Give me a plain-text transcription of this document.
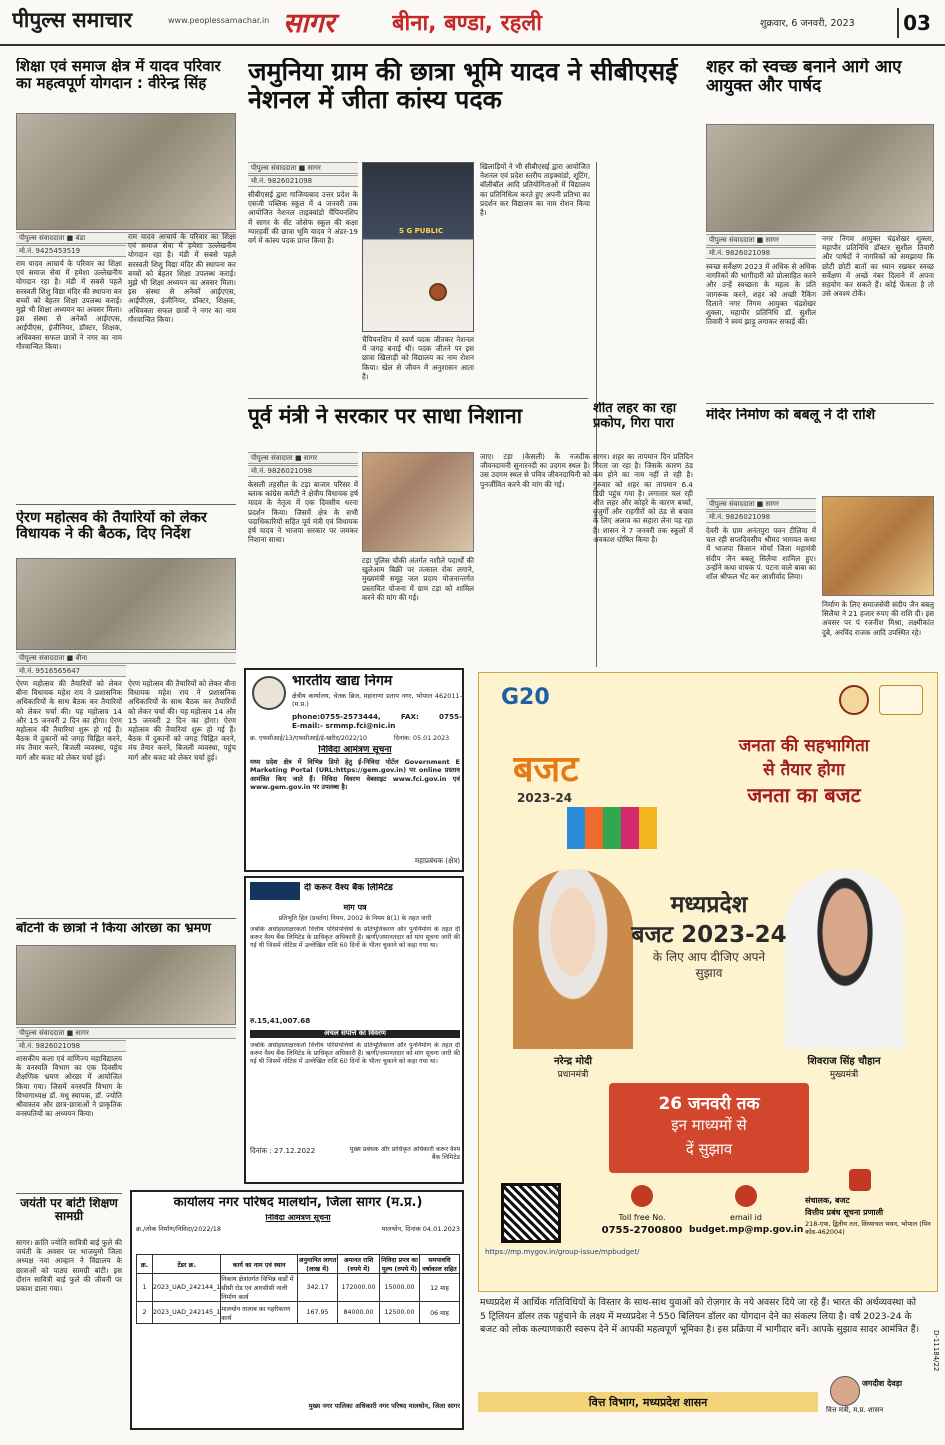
पीपुल्स समाचार	www.peoplessamachar.in सागर	बीना, बण्डा, रहली	शुक्रवार, 6 जनवरी, 2023	03
शिक्षा एवं समाज क्षेत्र में यादव परिवार का महत्वपूर्ण योगदान : वीरेन्द्र सिंह
पीपुल्स संवाददाता ■ बंडा
मो.नं. 9425453519
राम यादव आचार्य के परिवार का शिक्षा एवं समाज सेवा में हमेशा उल्लेखनीय योगदान रहा है। मंडी में सबसे पहले सरस्वती शिशु विद्या मंदिर की स्थापना कर बच्चों को बेहतर शिक्षा उपलब्ध कराई। मुझे भी शिक्षा अध्ययन का अवसर मिला। इस संस्था से अनेकों आईएएस, आईपीएस, इंजीनियर, डॉक्टर, शिक्षक, अधिवक्ता सफल छात्रों ने नगर का नाम गौरवान्वित किया।
राम यादव आचार्य के परिवार का शिक्षा एवं समाज सेवा में हमेशा उल्लेखनीय योगदान रहा है। मंडी में सबसे पहले सरस्वती शिशु विद्या मंदिर की स्थापना कर बच्चों को बेहतर शिक्षा उपलब्ध कराई। मुझे भी शिक्षा अध्ययन का अवसर मिला। इस संस्था से अनेकों आईएएस, आईपीएस, इंजीनियर, डॉक्टर, शिक्षक, अधिवक्ता सफल छात्रों ने नगर का नाम गौरवान्वित किया।
ऐरण महोत्सव की तैयारियों को लेकर विधायक ने की बैठक, दिए निर्देश
पीपुल्स संवाददाता ■ बीना
मो.नं. 9516565647
ऐरण महोत्सव की तैयारियों को लेकर बीना विधायक महेश राय ने प्रशासनिक अधिकारियों के साथ बैठक कर तैयारियों को लेकर चर्चा की। यह महोत्सव 14 और 15 जनवरी 2 दिन का होगा। ऐरण महोत्सव की तैयारियां शुरू हो गई हैं। बैठक में दुकानों को जगह चिह्नित करने, मंच तैयार करने, बिजली व्यवस्था, पहुंच मार्ग और बजट को लेकर चर्चा हुई।
ऐरण महोत्सव की तैयारियों को लेकर बीना विधायक महेश राय ने प्रशासनिक अधिकारियों के साथ बैठक कर तैयारियों को लेकर चर्चा की। यह महोत्सव 14 और 15 जनवरी 2 दिन का होगा। ऐरण महोत्सव की तैयारियां शुरू हो गई हैं। बैठक में दुकानों को जगह चिह्नित करने, मंच तैयार करने, बिजली व्यवस्था, पहुंच मार्ग और बजट को लेकर चर्चा हुई।
बॉटनी के छात्रों ने किया ओरछा का भ्रमण
पीपुल्स संवाददाता ■ सागर
मो.नं. 9826021098
शासकीय कला एवं वाणिज्य महाविद्यालय के वनस्पति विभाग का एक दिवसीय शैक्षणिक भ्रमण ओरछा में आयोजित किया गया। जिसमें वनस्पति विभाग के विभागाध्यक्ष डॉ. मधु स्थापक, डॉ. ज्योति श्रीवास्तव और छात्र-छात्राओं ने प्राकृतिक वनस्पतियों का अध्ययन किया।
जयंती पर बांटी शिक्षण सामग्री
सागर। क्रांति ज्योति सावित्री बाई फुले की जयंती के अवसर पर भाजयुमो जिला अध्यक्ष नवा आव्हान ने विद्यालय के छात्राओं को पाठ्य सामग्री बांटी। इस दौरान सावित्री बाई फुले की जीवनी पर प्रकाश डाला गया।
जमुनिया ग्राम की छात्रा भूमि यादव ने सीबीएसई नेशनल में जीता कांस्य पदक
पीपुल्स संवाददाता ■ सागर
मो.नं. 9826021098
सीबीएसई द्वारा गाजियाबाद उत्तर प्रदेश के एसजी पब्लिक स्कूल में 4 जनवरी तक आयोजित नेशनल ताइक्वांडो चैंपियनशिप में सागर के सेंट जोसेफ स्कूल की कक्षा ग्यारहवीं की छात्रा भूमि यादव ने अंडर-19 वर्ग में कांस्य पदक प्राप्त किया है।
S G PUBLIC
चैंपियनशिप में स्वर्ण पदक जीतकर नेशनल में जगह बनाई थी। पदक जीतने पर इस छात्रा खिलाड़ी को विद्यालय का नाम रोशन किया। खेल से जीवन में अनुशासन आता है।
खिलाड़ियों ने भी सीबीएसई द्वारा आयोजित नेशनल एवं प्रदेश स्तरीय ताइक्वांडो, शूटिंग, बॉलीबॉल आदि प्रतियोगिताओं में विद्यालय का प्रतिनिधित्व करते हुए अपनी प्रतिभा का प्रदर्शन कर विद्यालय का नाम रोशन किया है।
शीत लहर का रहा प्रकोप, गिरा पारा
सागर। शहर का तापमान दिन प्रतिदिन गिरता जा रहा है। जिसके कारण ठंड कम होने का नाम नहीं ले रही है। गुरुवार को शहर का तापमान 6.4 डिग्री पहुंच गया है। लगातार चल रही शीत लहर और कोहरे के कारण बच्चों, बुजुर्गों और राहगीरों को ठंड से बचाव के लिए अलाव का सहारा लेना पड़ रहा है। शासन ने 7 जनवरी तक स्कूलों में अवकाश घोषित किया है।
पूर्व मंत्री ने सरकार पर साधा निशाना
पीपुल्स संवादाता ■ सागर
मो.नं. 9826021098
केसली तहसील के टड़ा बाजार परिसर में ब्लाक कांग्रेस कमेटी ने क्षेत्रीय विधायक हर्ष यादव के नेतृत्व में एक दिवसीय धरना प्रदर्शन किया। जिसमें क्षेत्र के सभी पदाधिकारियों सहित पूर्व मंत्री एवं विधायक हर्ष यादव ने भाजपा सरकार पर जमकर निशाना साधा।
टड़ा पुलिस चौकी अंतर्गत नशीले पदार्थों की खुलेआम बिक्री पर तत्काल रोक लगाने, मुख्यमंत्री समूह जल प्रदाय योजनान्तर्गत प्रस्तावित योजना में ग्राम टड़ा को शामिल करने की मांग की गई।
जाए। टड़ा (केसली) के नजदीक जीवनदायनी सुनारनदी का उदगम स्थल है। उस उदगम स्थल से पवित्र जीवनदायिनी को पुनर्जीवित करने की मांग की गई।
शहर को स्वच्छ बनाने आगे आए आयुक्त और पार्षद
पीपुल्स संवाददाता ■ सागर
मो.नं. 9826021098
स्वच्छ सर्वेक्षण 2023 में अधिक से अधिक नागरिकों की भागीदारी को प्रोत्साहित करने और उन्हें स्वच्छता के महत्व के प्रति जागरूक करने, शहर को अच्छी रैंकिंग दिलाने नगर निगम आयुक्त चंद्रशेखर शुक्ला, महापौर प्रतिनिधि डॉ. सुशील तिवारी ने स्वयं झाड़ू लगाकर सफाई की।
नगर निगम आयुक्त चंद्रशेखर शुक्ला, महापौर प्रतिनिधि डॉक्टर सुशील तिवारी और पार्षदों ने नागरिकों को समझाया कि छोटी छोटी बातों का ध्यान रखकर स्वच्छ सर्वेक्षण में अच्छे नंबर दिलाने में अपना सहयोग कर सकते हैं। कोई फेंकता है तो उसे अवश्य टोकें।
मंदिर निर्माण को बबलू ने दी राशि
पीपुल्स संवाददाता ■ सागर
मो.नं. 9826021098
देवरी के ग्राम अनंतपुरा पवन टीलिया में चल रही सप्तदिवसीय श्रीमद भागवत कथा में भाजपा किसान मोर्चा जिला महामंत्री संदीप जैन बबलू सिलैया शामिल हुए। उन्होंने कथा वाचक पं. पटना वाले बाबा का शॉल श्रीफल भेंट कर आशीर्वाद लिया।
निर्माण के लिए समाजसेवी संदीप जैन बबलू सिलैया ने 21 हजार रुपए की राशि दी। इस अवसर पर पं रजनीश मिश्रा, लक्ष्मीकांत दुबे, अरविंद राजक आदि उपस्थित रहे।
भारतीय खाद्य निगम
क्षेत्रीय कार्यालय, चेतक ब्रिज, महाराणा प्रताप नगर, भोपाल 462011- (म.प्र.)
phone:0755-2573444, FAX: 0755-
E-mail:- srmmp.fci@nic.in
क्र. एफसीआई/13/एफसीआई/ई-खरीद/2022/10	दिनांक: 05.01.2023
निविदा आमंत्रण सूचना
मध्य प्रदेश क्षेत्र में विभिन्न डिपो हेतु ई-निविदा पोर्टल Government E Marketing Portal (URL:https://gem.gov.in) पर online प्रस्ताव आमंत्रित किए जाते हैं। निविदा विवरण वेबसाइट www.fci.gov.in एवं www.gem.gov.in पर उपलब्ध है।
महाप्रबंधक (क्षेत्र)
दी करूर वैश्य बैंक लिमिटेड
मांग पत्र
प्रतिभूति हित (प्रवर्तन) नियम, 2002 के नियम 8(1) के तहत जारी
जबकि अधोहस्ताक्षरकर्ता वित्तीय परिसंपत्तियों के प्रतिभूतिकरण और पुनर्निर्माण के तहत दी करूर वैश्य बैंक लिमिटेड के प्राधिकृत अधिकारी हैं। ऋणी/जमानतदार को मांग सूचना जारी की गई थी जिसमें नोटिस में उल्लेखित राशि 60 दिनों के भीतर चुकाने को कहा गया था।
रु.15,41,007.68
अचल संपत्ति का विवरण
जबकि अधोहस्ताक्षरकर्ता वित्तीय परिसंपत्तियों के प्रतिभूतिकरण और पुनर्निर्माण के तहत दी करूर वैश्य बैंक लिमिटेड के प्राधिकृत अधिकारी हैं। ऋणी/जमानतदार को मांग सूचना जारी की गई थी जिसमें नोटिस में उल्लेखित राशि 60 दिनों के भीतर चुकाने को कहा गया था।
दिनांक : 27.12.2022	मुख्य प्रबंधक और प्राधिकृत अधिकारी करूर वैश्य बैंक लिमिटेड
कार्यालय नगर परिषद मालथोन, जिला सागर (म.प्र.)
निविदा आमंत्रण सूचना
क्र./लोक निर्माण/निविदा/2022/18	मालथोन, दिनांक 04.01.2023
क्र.	टेंडर क्र.	कार्य का नाम एवं स्थान	अनुमानित लागत (लाख में)	अमानत राशि (रुपये में)	निविदा प्रपत्र का मूल्य (रुपये में)	समयावधि वर्षाकाल सहित
1	2023_UAD_242144_1	निकाय क्षेत्रांतर्गत विभिन्न वार्डों में सीसी रोड एवं आरसीसी नाली निर्माण कार्य	342.17	172000.00	15000.00	12 माह
2	2023_UAD_242145_1	मालथोन तालाब का गहरीकरण कार्य	167.95	84000.00	12500.00	06 माह
मुख्य नगर पालिका अधिकारी नगर परिषद मालथोन, जिला सागर
G20
बजट
2023-24
जनता की सहभागिता
से तैयार होगा
जनता का बजट
मध्यप्रदेश
बजट 2023-24
के लिए आप दीजिए अपने सुझाव
नरेन्द्र मोदी
प्रधानमंत्री
शिवराज सिंह चौहान
मुख्यमंत्री
26 जनवरी तक
इन माध्यमों से
दें सुझाव
https://mp.mygov.in/group-issue/mpbudget/
Toll free No.
0755-2700800
email id
budget.mp@mp.gov.in
संचालक, बजट
वित्तीय प्रबंध सूचना प्रणाली
218-एफ, द्वितीय तल, विंध्याचल भवन, भोपाल (पिन कोड-462004)
मध्यप्रदेश में आर्थिक गतिविधियों के विस्तार के साथ-साथ युवाओं को रोज़गार के नये अवसर दिये जा रहे हैं। भारत की अर्थव्यवस्था को 5 ट्रिलियन डॉलर तक पहुंचाने के लक्ष्य में मध्यप्रदेश ने 550 बिलियन डॉलर का योगदान देने का संकल्प लिया है। वर्ष 2023-24 के बजट को लोक कल्याणकारी स्वरूप देने में आपकी महत्वपूर्ण भूमिका है। इस प्रक्रिया में भागीदार बनें। आपके सुझाव सादर आमंत्रित हैं।
जगदीश देवड़ा
वित्त मंत्री, म.प्र. शासन
वित्त विभाग, मध्यप्रदेश शासन
D-11184/22
